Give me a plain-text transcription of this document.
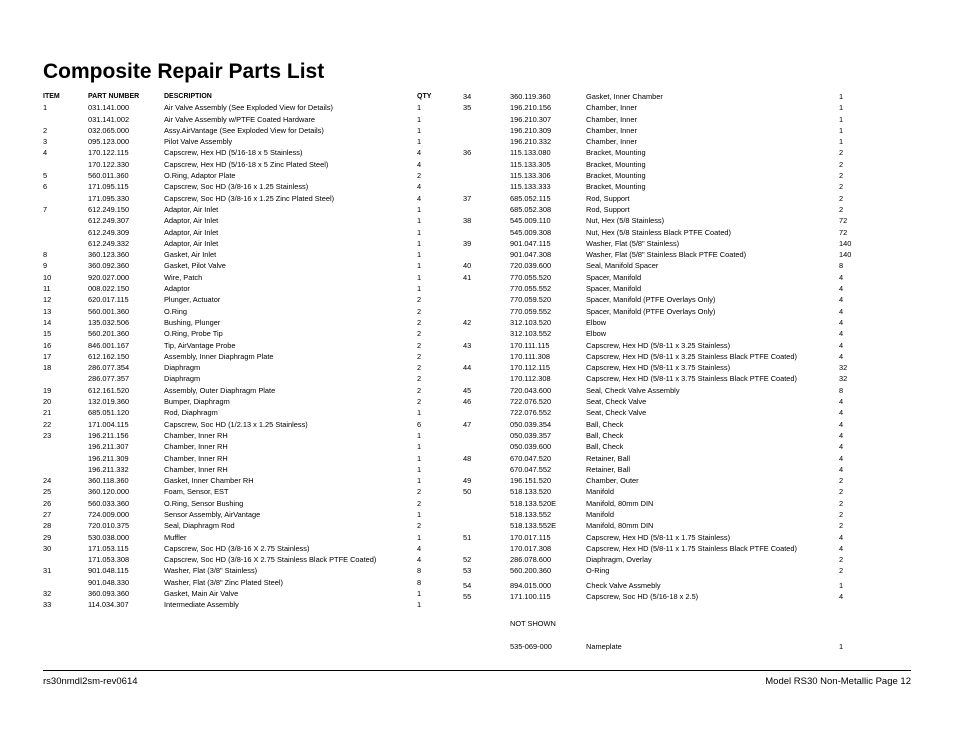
Composite Repair Parts List
ITEM	PART NUMBER	DESCRIPTION	QTY
1	031.141.000	Air Valve Assembly (See Exploded View for Details)	1
	031.141.002	Air Valve Assembly w/PTFE Coated Hardware	1
2	032.065.000	Assy.AirVantage (See Exploded View for Details)	1
3	095.123.000	Pilot Valve Assembly	1
4	170.122.115	Capscrew, Hex HD (5/16-18 x 5 Stainless)	4
	170.122.330	Capscrew, Hex HD (5/16-18 x 5 Zinc Plated Steel)	4
5	560.011.360	O.Ring, Adaptor Plate	2
6	171.095.115	Capscrew, Soc HD (3/8-16 x 1.25 Stainless)	4
	171.095.330	Capscrew, Soc HD (3/8-16 x 1.25 Zinc Plated Steel)	4
7	612.249.150	Adaptor, Air Inlet	1
	612.249.307	Adaptor, Air Inlet	1
	612.249.309	Adaptor, Air Inlet	1
	612.249.332	Adaptor, Air Inlet	1
8	360.123.360	Gasket, Air Inlet	1
9	360.092.360	Gasket, Pilot Valve	1
10	920.027.000	Wire, Patch	1
11	008.022.150	Adaptor	1
12	620.017.115	Plunger, Actuator	2
13	560.001.360	O.Ring	2
14	135.032.506	Bushing, Plunger	2
15	560.201.360	O.Ring, Probe Tip	2
16	846.001.167	Tip, AirVantage Probe	2
17	612.162.150	Assembly, Inner Diaphragm Plate	2
18	286.077.354	Diaphragm	2
	286.077.357	Diaphragm	2
19	612.161.520	Assembly, Outer Diaphragm Plate	2
20	132.019.360	Bumper, Diaphragm	2
21	685.051.120	Rod, Diaphragm	1
22	171.004.115	Capscrew, Soc HD (1/2.13 x 1.25 Stainless)	6
23	196.211.156	Chamber, Inner RH	1
	196.211.307	Chamber, Inner RH	1
	196.211.309	Chamber, Inner RH	1
	196.211.332	Chamber, Inner RH	1
24	360.118.360	Gasket, Inner Chamber RH	1
25	360.120.000	Foam, Sensor, EST	2
26	560.033.360	O.Ring, Sensor Bushing	2
27	724.009.000	Sensor Assembly, AirVantage	1
28	720.010.375	Seal, Diaphragm Rod	2
29	530.038.000	Muffler	1
30	171.053.115	Capscrew, Soc HD (3/8-16 X 2.75 Stainless)	4
	171.053.308	Capscrew, Soc HD (3/8-16 X 2.75 Stainless Black PTFE Coated)	4
31	901.048.115	Washer, Flat (3/8" Stainless)	8
	901.048.330	Washer, Flat (3/8" Zinc Plated Steel)	8
32	360.093.360	Gasket, Main Air Valve	1
33	114.034.307	Intermediate Assembly	1
34	360.119.360	Gasket, Inner Chamber	1
35	196.210.156	Chamber, Inner	1
	196.210.307	Chamber, Inner	1
	196.210.309	Chamber, Inner	1
	196.210.332	Chamber, Inner	1
36	115.133.080	Bracket, Mounting	2
	115.133.305	Bracket, Mounting	2
	115.133.306	Bracket, Mounting	2
	115.133.333	Bracket, Mounting	2
37	685.052.115	Rod, Support	2
	685.052.308	Rod, Support	2
38	545.009.110	Nut, Hex (5/8 Stainless)	72
	545.009.308	Nut, Hex (5/8 Stainless Black PTFE Coated)	72
39	901.047.115	Washer, Flat (5/8" Stainless)	140
	901.047.308	Washer, Flat (5/8" Stainless Black PTFE Coated)	140
40	720.039.600	Seal, Manifold Spacer	8
41	770.055.520	Spacer, Manifold	4
	770.055.552	Spacer, Manifold	4
	770.059.520	Spacer, Manifold (PTFE Overlays Only)	4
	770.059.552	Spacer, Manifold (PTFE Overlays Only)	4
42	312.103.520	Elbow	4
	312.103.552	Elbow	4
43	170.111.115	Capscrew, Hex HD (5/8-11 x 3.25 Stainless)	4
	170.111.308	Capscrew, Hex HD (5/8-11 x 3.25 Stainless Black PTFE Coated)	4
44	170.112.115	Capscrew, Hex HD (5/8-11 x 3.75 Stainless)	32
	170.112.308	Capscrew, Hex HD (5/8-11 x 3.75 Stainless Black PTFE Coated)	32
45	720.043.600	Seal, Check Valve Assembly	8
46	722.076.520	Seat, Check Valve	4
	722.076.552	Seat, Check Valve	4
47	050.039.354	Ball, Check	4
	050.039.357	Ball, Check	4
	050.039.600	Ball, Check	4
48	670.047.520	Retainer, Ball	4
	670.047.552	Retainer, Ball	4
49	196.151.520	Chamber, Outer	2
50	518.133.520	Manifold	2
	518.133.520E	Manifold, 80mm DIN	2
	518.133.552	Manifold	2
	518.133.552E	Manifold, 80mm DIN	2
51	170.017.115	Capscrew, Hex HD (5/8-11 x 1.75 Stainless)	4
	170.017.308	Capscrew, Hex HD (5/8-11 x 1.75 Stainless Black PTFE Coated)	4
52	286.078.600	Diaphragm, Overlay	2
53	560.200.360	O-Ring	2

54	894.015.000	Check Valve Assmebly	1
55	171.100.115	Capscrew, Soc HD (5/16-18 x 2.5)	4
NOT SHOWN
535-069-000	Nameplate	1
rs30nmdl2sm-rev0614	Model RS30 Non-Metallic Page 12
